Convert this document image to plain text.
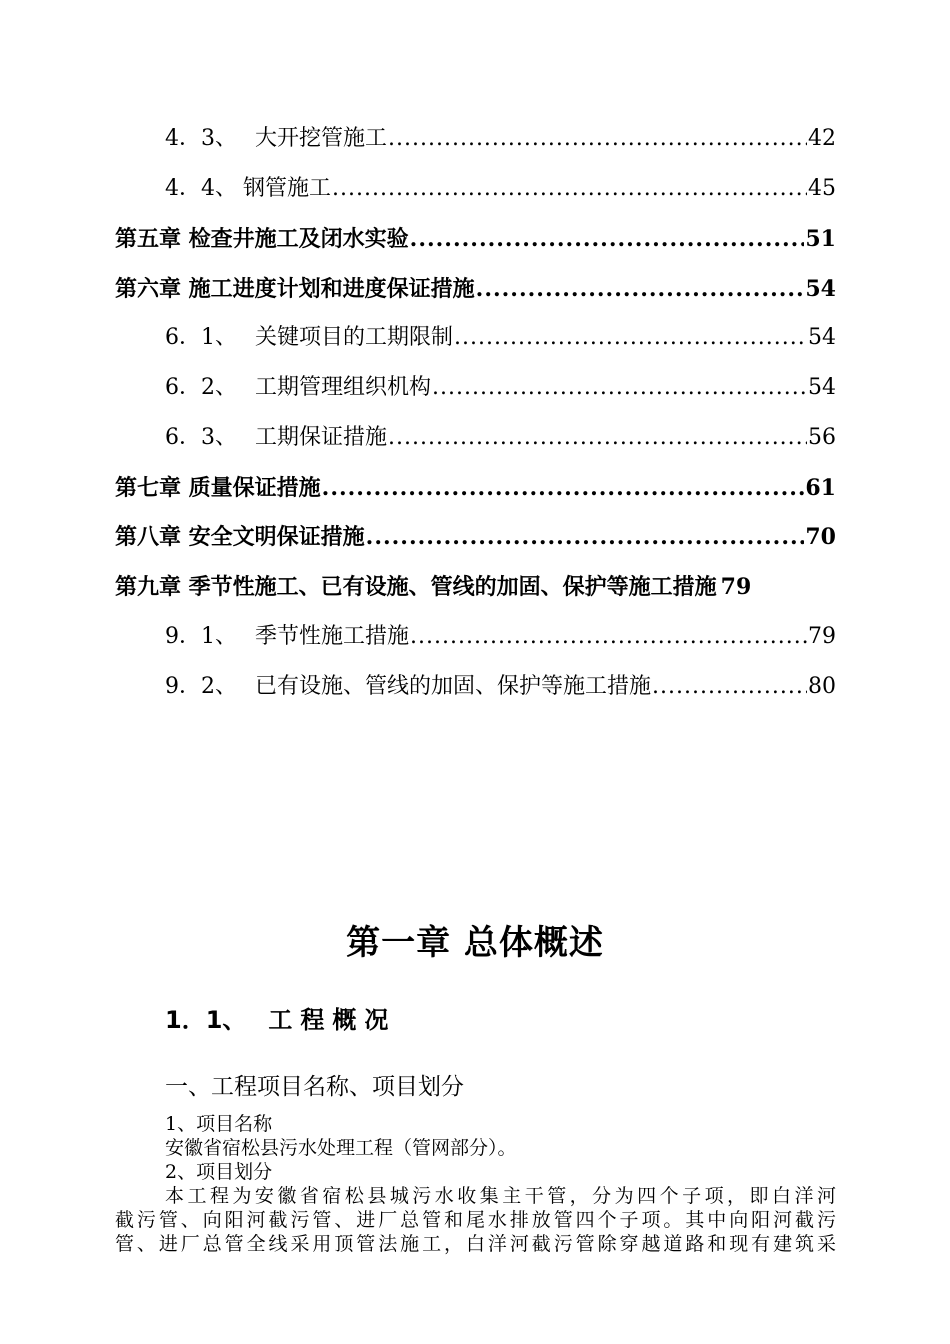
4．3、 大开挖管施工 .....	42
4．4、 钢管施工 .....	45
第五章 检查井施工及闭水实验 .....	51
第六章 施工进度计划和进度保证措施 .....	54
6．1、 关键项目的工期限制 .....	54
6．2、 工期管理组织机构 .....	54
6．3、 工期保证措施 .....	56
第七章 质量保证措施 .....	61
第八章 安全文明保证措施 .....	70
第九章 季节性施工、已有设施、管线的加固、保护等施工措施 79
9．1、 季节性施工措施 .....	79
9．2、 已有设施、管线的加固、保护等施工措施 .....	80
第一章 总体概述
1．1、 工程概况
一、工程项目名称、项目划分
1、项目名称
安徽省宿松县污水处理工程（管网部分）。
2、项目划分
本工程为安徽省宿松县城污水收集主干管，分为四个子项，即白洋河
截污管、向阳河截污管、进厂总管和尾水排放管四个子项。其中向阳河截污
管、进厂总管全线采用顶管法施工，白洋河截污管除穿越道路和现有建筑采
